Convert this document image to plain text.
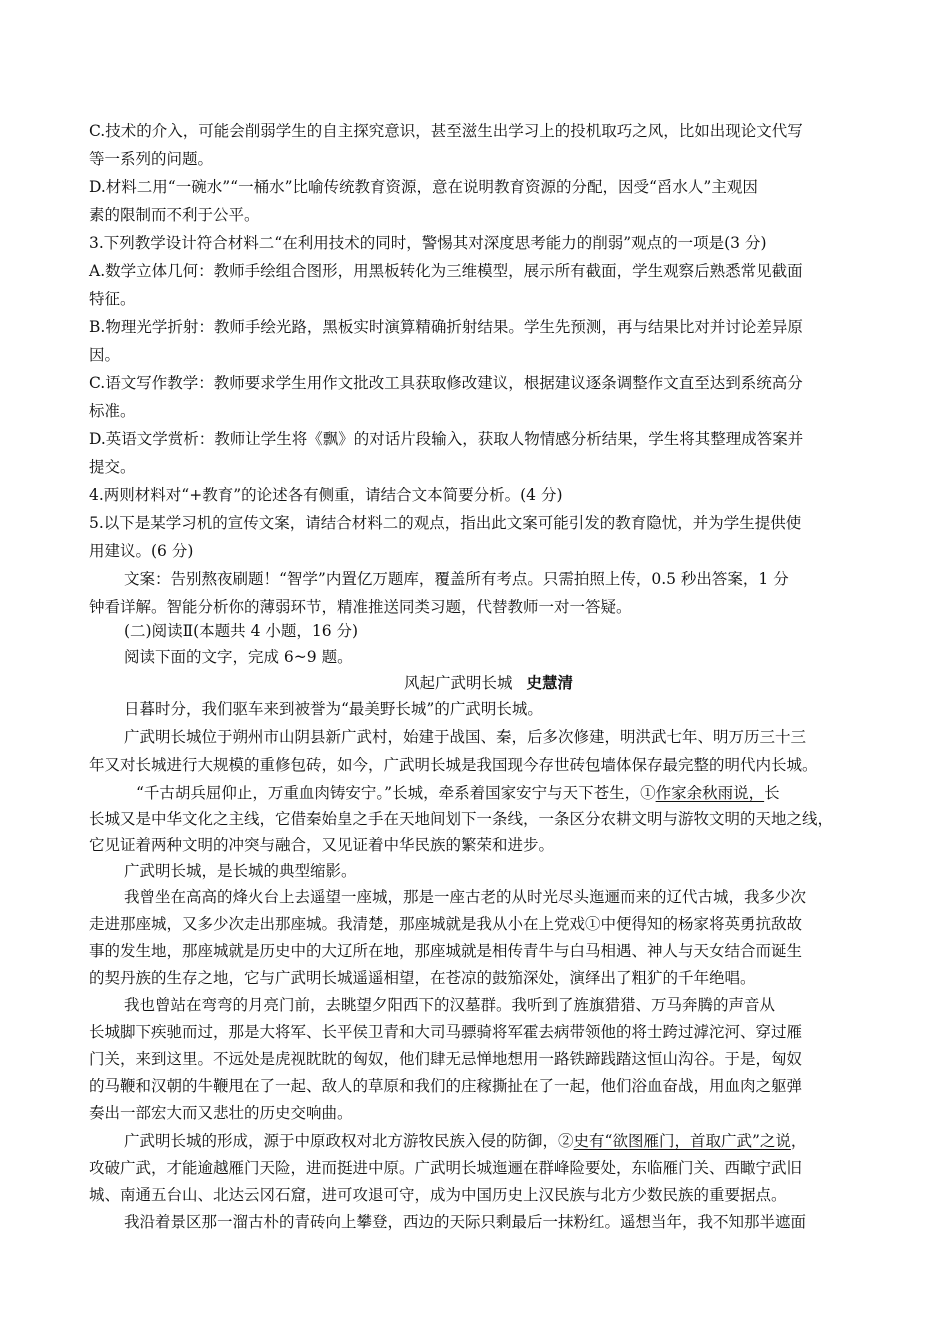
C.技术的介入，可能会削弱学生的自主探究意识，甚至滋生出学习上的投机取巧之风，比如出现论文代写
等一系列的问题。
D.材料二用“一碗水”“一桶水”比喻传统教育资源，意在说明教育资源的分配，因受“舀水人”主观因
素的限制而不利于公平。
3.下列教学设计符合材料二“在利用技术的同时，警惕其对深度思考能力的削弱”观点的一项是(3 分)
A.数学立体几何：教师手绘组合图形，用黑板转化为三维模型，展示所有截面，学生观察后熟悉常见截面
特征。
B.物理光学折射：教师手绘光路，黑板实时演算精确折射结果。学生先预测，再与结果比对并讨论差异原
因。
C.语文写作教学：教师要求学生用作文批改工具获取修改建议，根据建议逐条调整作文直至达到系统高分
标准。
D.英语文学赏析：教师让学生将《飘》的对话片段输入，获取人物情感分析结果，学生将其整理成答案并
提交。
4.两则材料对“+教育”的论述各有侧重，请结合文本简要分析。(4 分)
5.以下是某学习机的宣传文案，请结合材料二的观点，指出此文案可能引发的教育隐忧，并为学生提供使
用建议。(6 分)
文案：告别熬夜刷题！“智学”内置亿万题库，覆盖所有考点。只需拍照上传，0.5 秒出答案，1 分
钟看详解。智能分析你的薄弱环节，精准推送同类习题，代替教师一对一答疑。
(二)阅读Ⅱ(本题共 4 小题，16 分)
阅读下面的文字，完成 6~9 题。
风起广武明长城 史慧清
日暮时分，我们驱车来到被誉为“最美野长城”的广武明长城。
广武明长城位于朔州市山阴县新广武村，始建于战国、秦，后多次修建，明洪武七年、明万历三十三
年又对长城进行大规模的重修包砖，如今，广武明长城是我国现今存世砖包墙体保存最完整的明代内长城。
“千古胡兵屈仰止，万重血肉铸安宁。”长城，牵系着国家安宁与天下苍生，①作家余秋雨说，长
长城又是中华文化之主线，它借秦始皇之手在天地间划下一条线，一条区分农耕文明与游牧文明的天地之线，
它见证着两种文明的冲突与融合，又见证着中华民族的繁荣和进步。
广武明长城，是长城的典型缩影。
我曾坐在高高的烽火台上去遥望一座城，那是一座古老的从时光尽头迤逦而来的辽代古城，我多少次
走进那座城，又多少次走出那座城。我清楚，那座城就是我从小在上党戏①中便得知的杨家将英勇抗敌故
事的发生地，那座城就是历史中的大辽所在地，那座城就是相传青牛与白马相遇、神人与天女结合而诞生
的契丹族的生存之地，它与广武明长城遥遥相望，在苍凉的鼓笳深处，演绎出了粗犷的千年绝唱。
我也曾站在弯弯的月亮门前，去眺望夕阳西下的汉墓群。我听到了旌旗猎猎、万马奔腾的声音从
长城脚下疾驰而过，那是大将军、长平侯卫青和大司马骠骑将军霍去病带领他的将士跨过滹沱河、穿过雁
门关，来到这里。不远处是虎视眈眈的匈奴，他们肆无忌惮地想用一路铁蹄践踏这恒山沟谷。于是，匈奴
的马鞭和汉朝的牛鞭甩在了一起、敌人的草原和我们的庄稼撕扯在了一起，他们浴血奋战，用血肉之躯弹
奏出一部宏大而又悲壮的历史交响曲。
广武明长城的形成，源于中原政权对北方游牧民族入侵的防御，②史有“欲图雁门，首取广武”之说，
攻破广武，才能逾越雁门天险，进而挺进中原。广武明长城迤逦在群峰险要处，东临雁门关、西瞰宁武旧
城、南通五台山、北达云冈石窟，进可攻退可守，成为中国历史上汉民族与北方少数民族的重要据点。
我沿着景区那一溜古朴的青砖向上攀登，西边的天际只剩最后一抹粉红。遥想当年，我不知那半遮面
